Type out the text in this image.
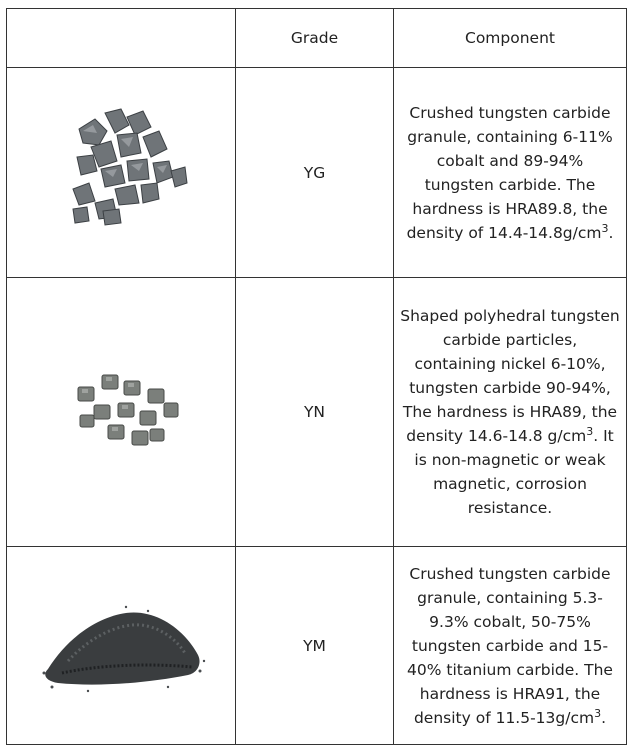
	Grade	Component

	YG	Crushed tungsten carbide granule, containing 6-11% cobalt and 89-94% tungsten carbide. The hardness is HRA89.8, the density of $14.4-14.8g/cm^3$.

	YN	Shaped polyhedral tungsten carbide particles, containing nickel 6-10%, tungsten carbide 90-94%, The hardness is HRA89, the density 14.6-14.8 $g/cm^3$. It is non-magnetic or weak magnetic, corrosion resistance.

	YM	Crushed tungsten carbide granule, containing 5.3-9.3% cobalt, 50-75% tungsten carbide and 15-40% titanium carbide. The hardness is HRA91, the density of $11.5-13g/cm^3$.
